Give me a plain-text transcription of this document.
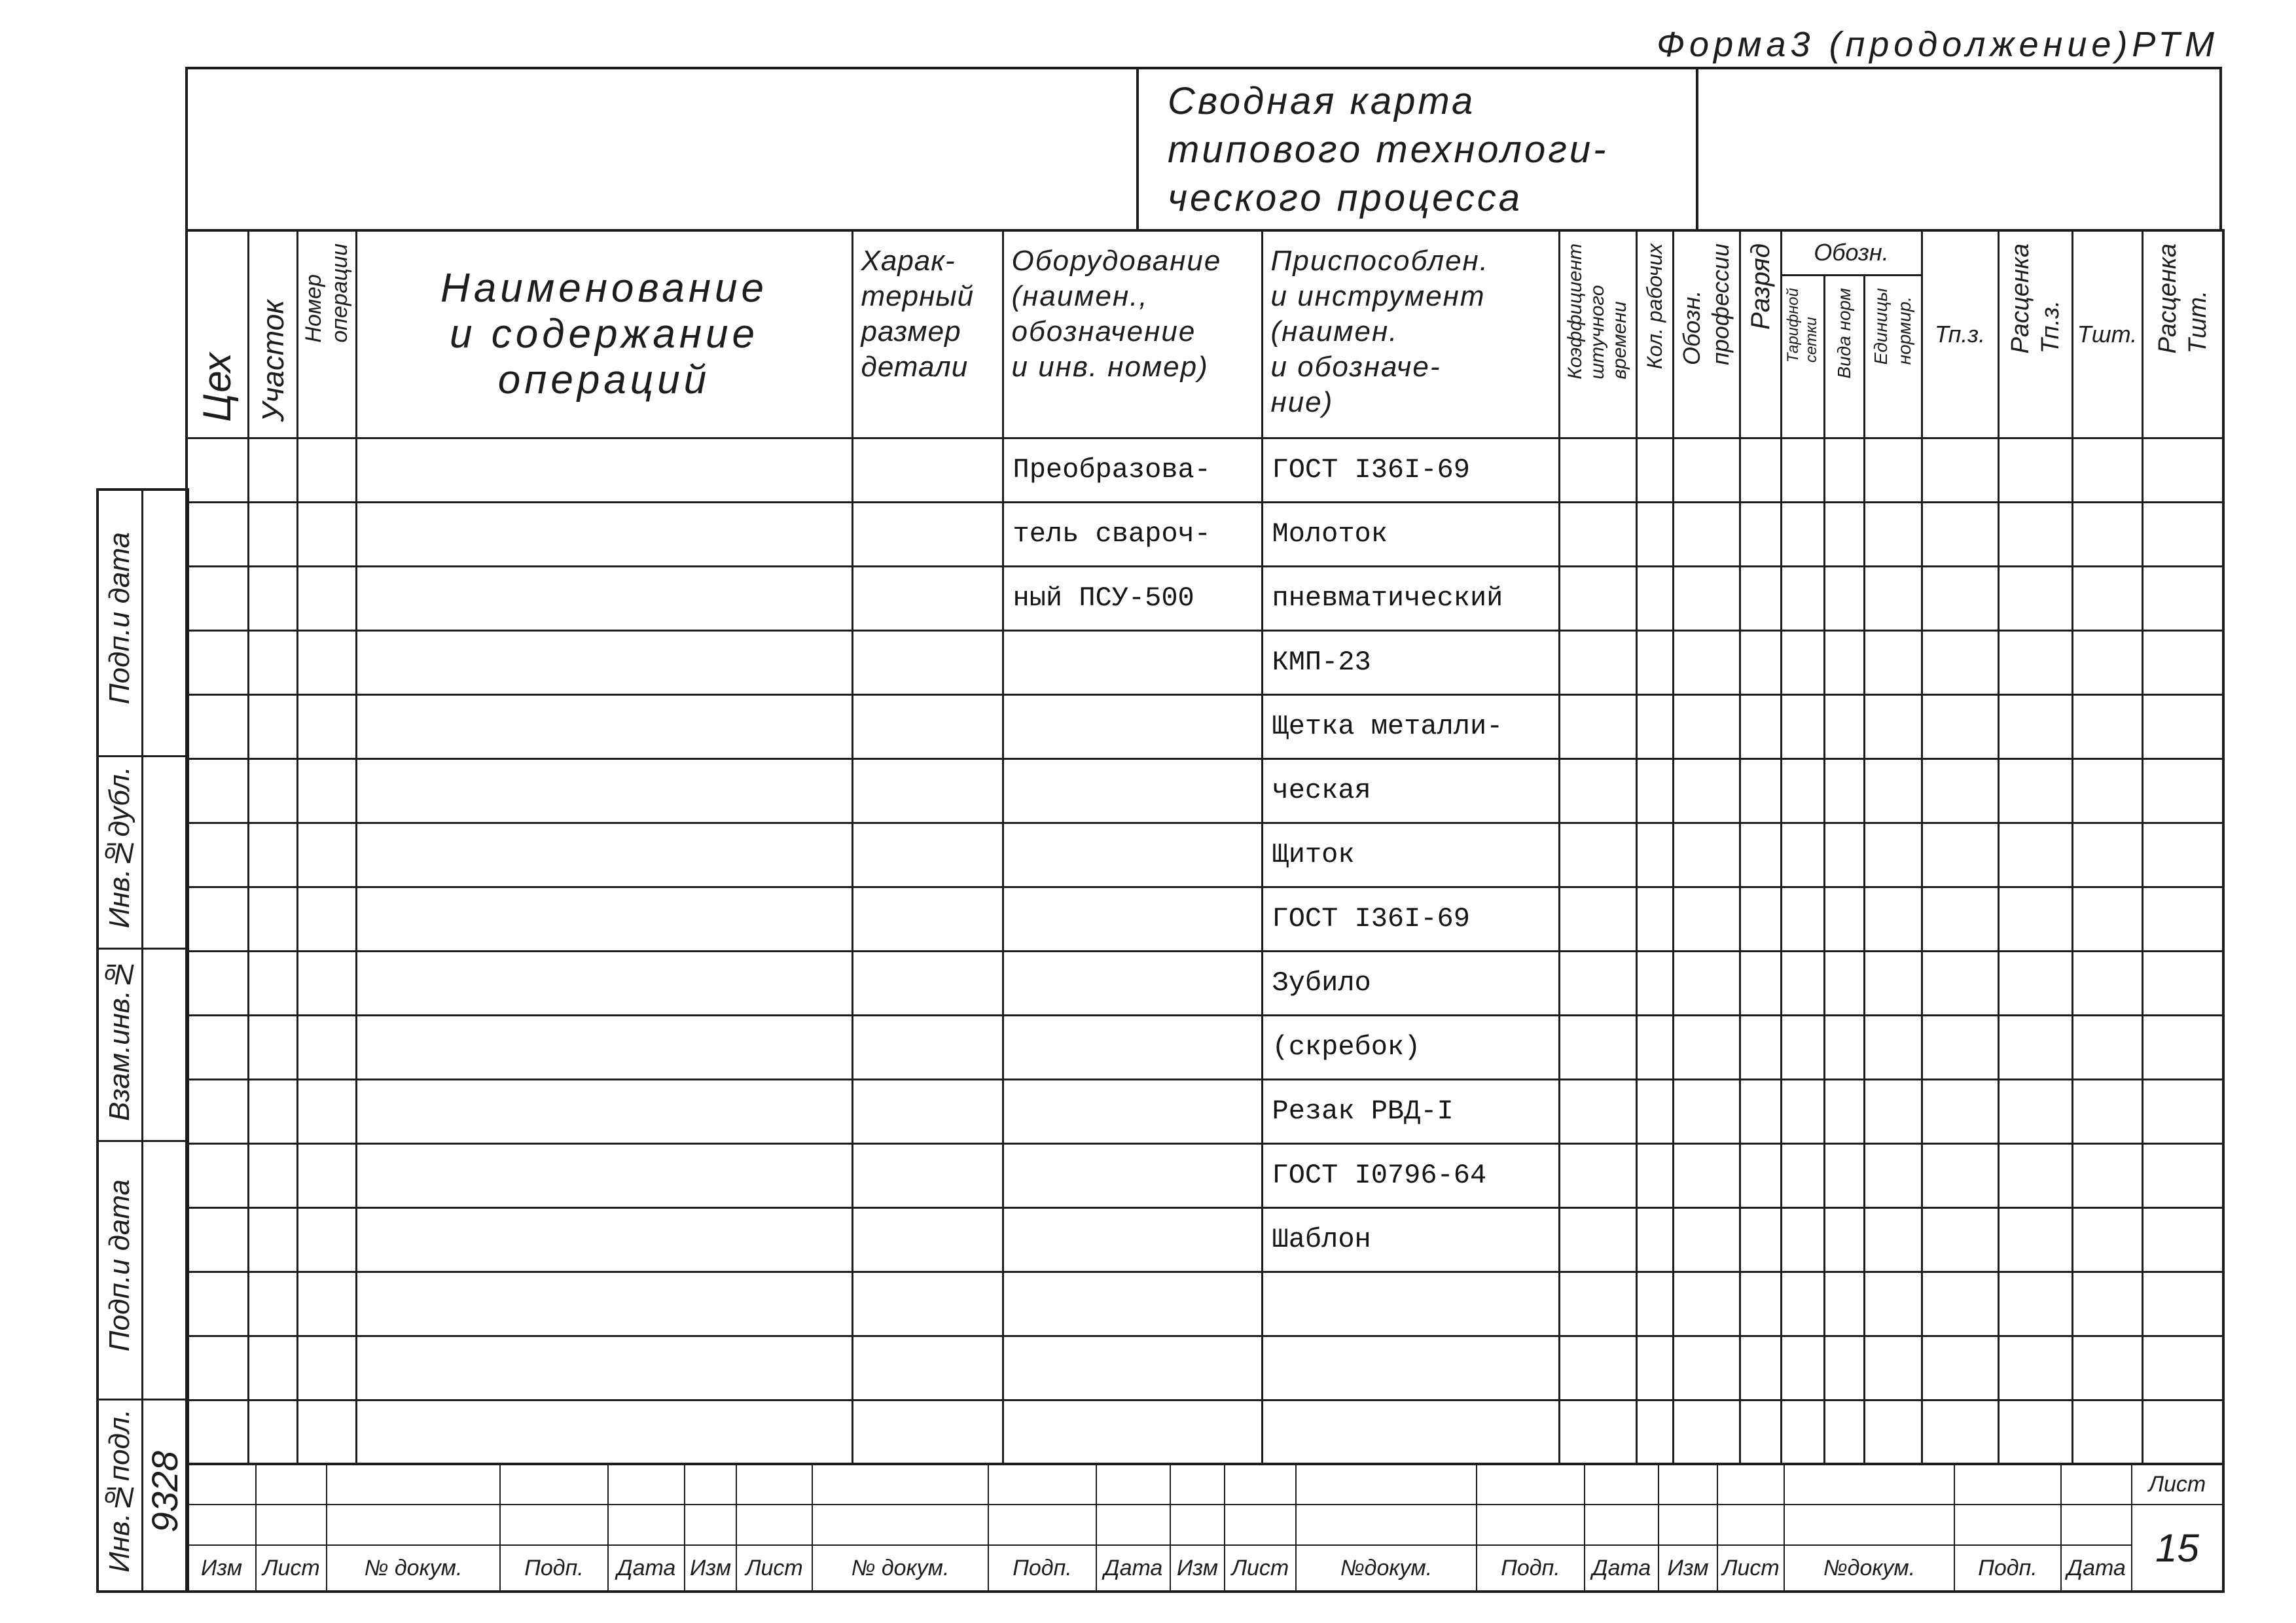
Форма3 (продолжение)РТМ
Сводная карта
типового технологи-
ческого процесса
Цех	Участок	Номер операции	Наименование
и содержание
операций	Харак-
терный
размер
детали	Оборудование
(наимен.,
обозначение
и инв. номер)	Приспособлен.
и инструмент
(наимен.
и обозначе-
ние)	Коэффициент штучного времени	Кол. рабочих	Обозн. профессии	Разряд	Обозн.			Тп.з.	Расценка Тп.з.	Тшт.	Расценка Тшт.

											Тарифной сетки	Вида норм	Единицы нормир.				

					Преобразова-	ГОСТ I36I-69											
					тель свароч-	Молоток											
					ный ПСУ-500	пневматический											
						КМП-23											
						Щетка металли-											
						ческая											
						Щиток											
						ГОСТ I36I-69											
						Зубило											
						(скребок)											
						Резак РВД-I											
						ГОСТ I0796-64											
						Шаблон											

																				Лист
																				15
Изм	Лист	№ докум.	Подп.	Дата	Изм	Лист	№ докум.	Подп.	Дата	Изм	Лист	№докум.	Подп.	Дата	Изм	Лист	№докум.	Подп.	Дата	
Подп.и дата	

Инв.№дубл.	

Взам.инв.№	

Подп.и дата	

Инв.№подл.	9328
